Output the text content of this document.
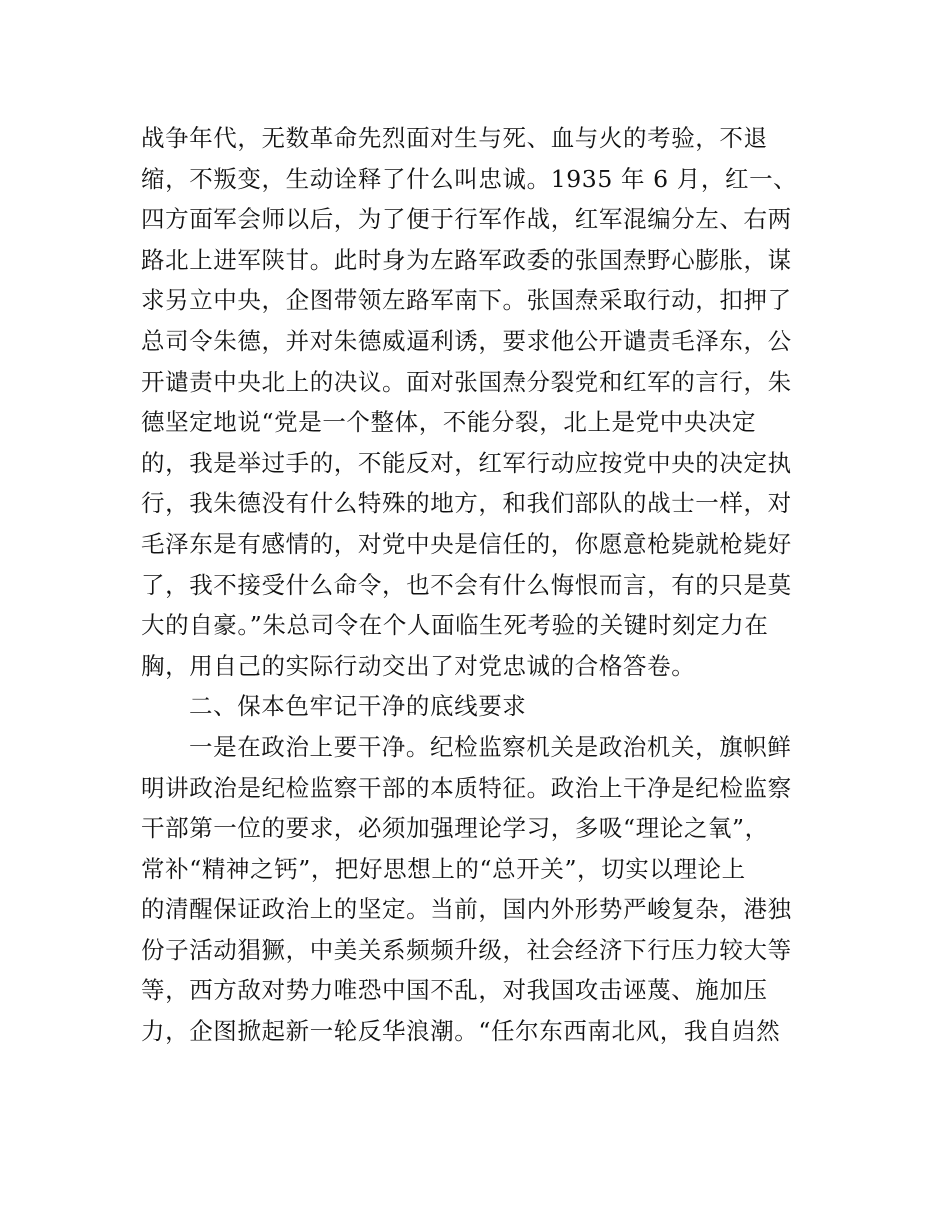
战争年代，无数革命先烈面对生与死、血与火的考验，不退
缩，不叛变，生动诠释了什么叫忠诚。1935 年 6 月，红一、
四方面军会师以后，为了便于行军作战，红军混编分左、右两
路北上进军陕甘。此时身为左路军政委的张国焘野心膨胀，谋
求另立中央，企图带领左路军南下。张国焘采取行动，扣押了
总司令朱德，并对朱德威逼利诱，要求他公开谴责毛泽东，公
开谴责中央北上的决议。面对张国焘分裂党和红军的言行，朱
德坚定地说“党是一个整体，不能分裂，北上是党中央决定
的，我是举过手的，不能反对，红军行动应按党中央的决定执
行，我朱德没有什么特殊的地方，和我们部队的战士一样，对
毛泽东是有感情的，对党中央是信任的，你愿意枪毙就枪毙好
了，我不接受什么命令，也不会有什么悔恨而言，有的只是莫
大的自豪。”朱总司令在个人面临生死考验的关键时刻定力在
胸，用自己的实际行动交出了对党忠诚的合格答卷。
二、保本色牢记干净的底线要求
一是在政治上要干净。纪检监察机关是政治机关，旗帜鲜
明讲政治是纪检监察干部的本质特征。政治上干净是纪检监察
干部第一位的要求，必须加强理论学习，多吸“理论之氧”，
常补“精神之钙”，把好思想上的“总开关”，切实以理论上
的清醒保证政治上的坚定。当前，国内外形势严峻复杂，港独
份子活动猖獗，中美关系频频升级，社会经济下行压力较大等
等，西方敌对势力唯恐中国不乱，对我国攻击诬蔑、施加压
力，企图掀起新一轮反华浪潮。“任尔东西南北风，我自岿然
